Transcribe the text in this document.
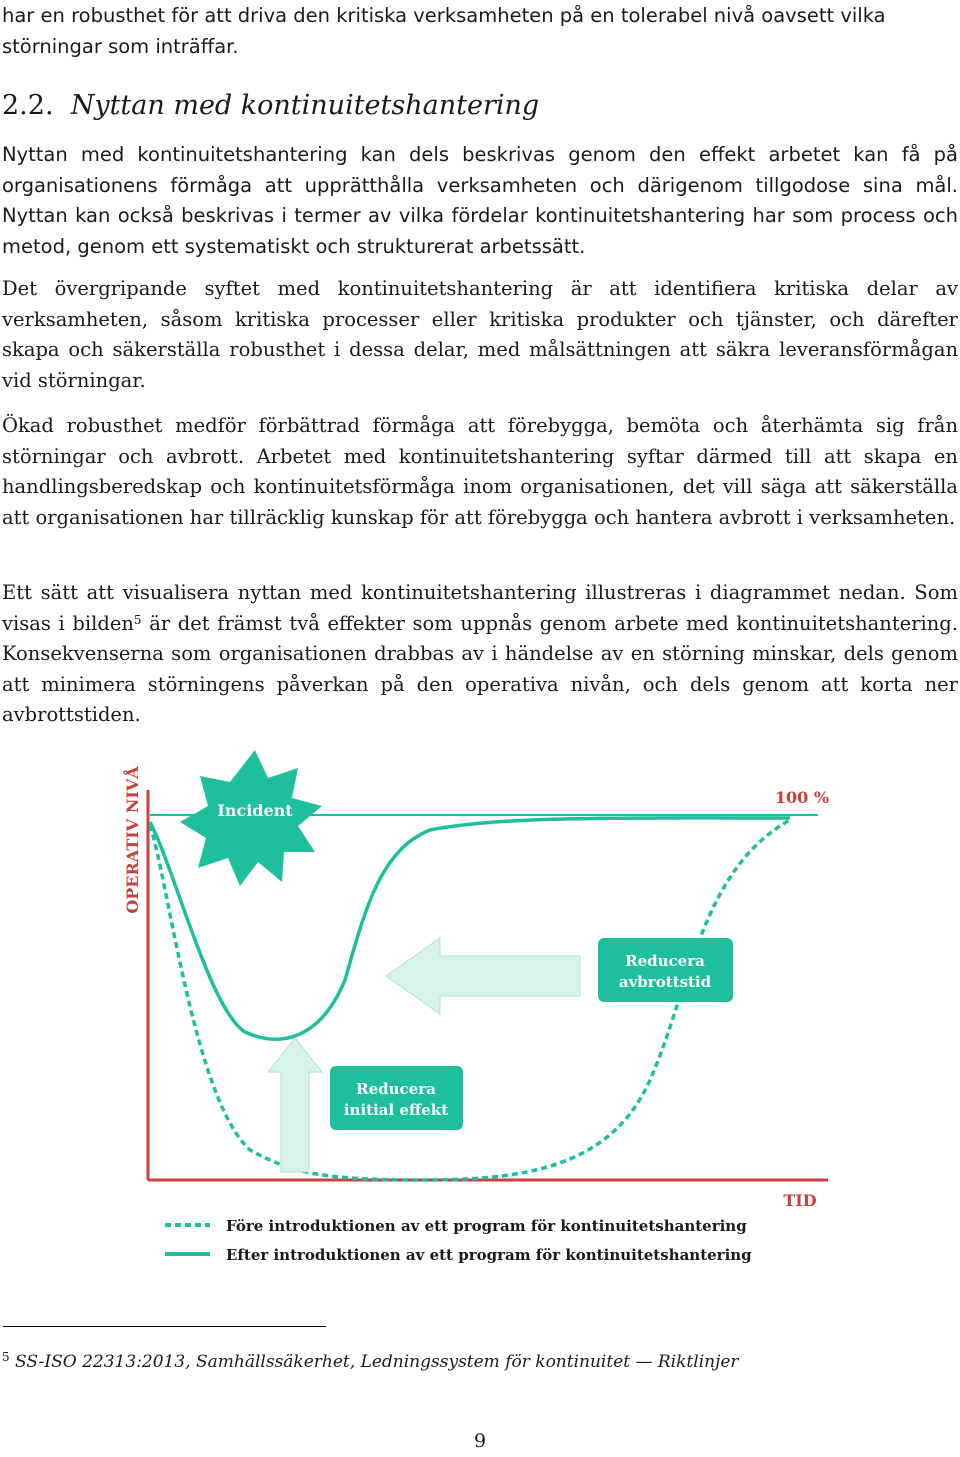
har en robusthet för att driva den kritiska verksamheten på en tolerabel nivå oavsett vilka störningar som inträffar.

2.2. Nyttan med kontinuitetshantering

Nyttan med kontinuitetshantering kan dels beskrivas genom den effekt arbetet kan få på organisationens förmåga att upprätthålla verksamheten och därigenom tillgodose sina mål. Nyttan kan också beskrivas i termer av vilka fördelar kontinuitetshantering har som process och metod, genom ett systematiskt och strukturerat arbetssätt.

Det övergripande syftet med kontinuitetshantering är att identifiera kritiska delar av verksamheten, såsom kritiska processer eller kritiska produkter och tjänster, och därefter skapa och säkerställa robusthet i dessa delar, med målsättningen att säkra leveransförmågan vid störningar.

Ökad robusthet medför förbättrad förmåga att förebygga, bemöta och återhämta sig från störningar och avbrott. Arbetet med kontinuitetshantering syftar därmed till att skapa en handlingsberedskap och kontinuitetsförmåga inom organisationen, det vill säga att säkerställa att organisationen har tillräcklig kunskap för att förebygga och hantera avbrott i verksamheten.

Ett sätt att visualisera nyttan med kontinuitetshantering illustreras i diagrammet nedan. Som visas i bilden$^5$ är det främst två effekter som uppnås genom arbete med kontinuitetshantering. Konsekvenserna som organisationen drabbas av i händelse av en störning minskar, dels genom att minimera störningens påverkan på den operativa nivån, och dels genom att korta ner avbrottstiden.

OPERATIV NIVÅ
TID
100 %
Incident
Reducera
avbrottstid
Reducera
initial effekt
Före introduktionen av ett program för kontinuitetshantering
Efter introduktionen av ett program för kontinuitetshantering

$^5$ SS-ISO 22313:2013, Samhällssäkerhet, Ledningssystem för kontinuitet — Riktlinjer

9
